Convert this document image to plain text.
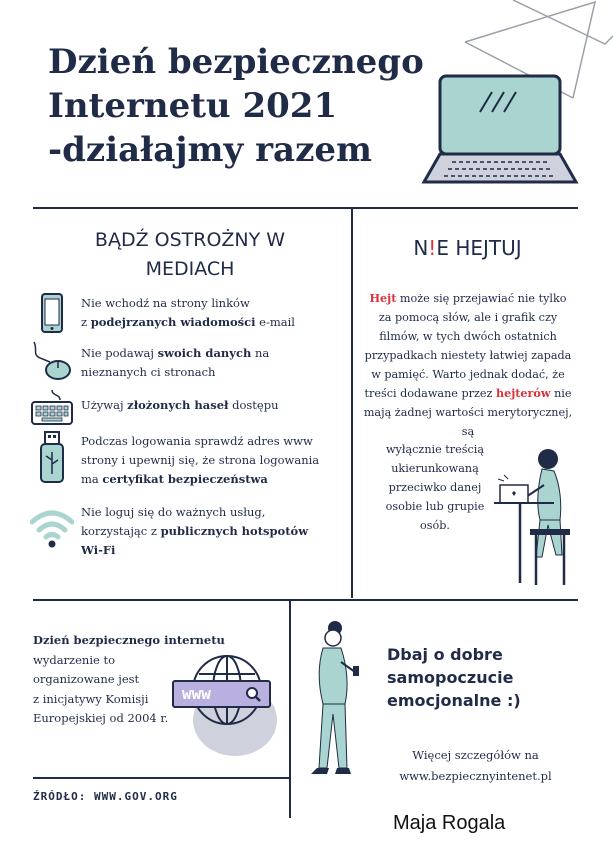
Dzień bezpiecznego
Internetu 2021
-działajmy razem
BĄDŹ OSTROŻNY W
MEDIACH
N!E HEJTUJ
Nie wchodź na strony linków
z podejrzanych wiadomości e-mail
Nie podawaj swoich danych na
nieznanych ci stronach
Używaj złożonych haseł dostępu
Podczas logowania sprawdź adres www
strony i upewnij się, że strona logowania
ma certyfikat bezpieczeństwa
Nie loguj się do ważnych usług,
korzystając z publicznych hotspotów
Wi-Fi
Hejt może się przejawiać nie tylko za pomocą słów, ale i grafik czy filmów, w tych dwóch ostatnich przypadkach niestety łatwiej zapada w pamięć. Warto jednak dodać, że treści dodawane przez hejterów nie mają żadnej wartości merytorycznej, są
wyłącznie treścią
ukierunkowaną
przeciwko danej
osobie lub grupie
osób.
Dzień bezpiecznego internetu
wydarzenie to
organizowane jest
z inicjatywy Komisji
Europejskiej od 2004 r.
www
Dbaj o dobre
samopoczucie
emocjonalne :)
Więcej szczegółów na
www.bezpiecznyintenet.pl
ŹRÓDŁO: WWW.GOV.ORG
Maja Rogala
